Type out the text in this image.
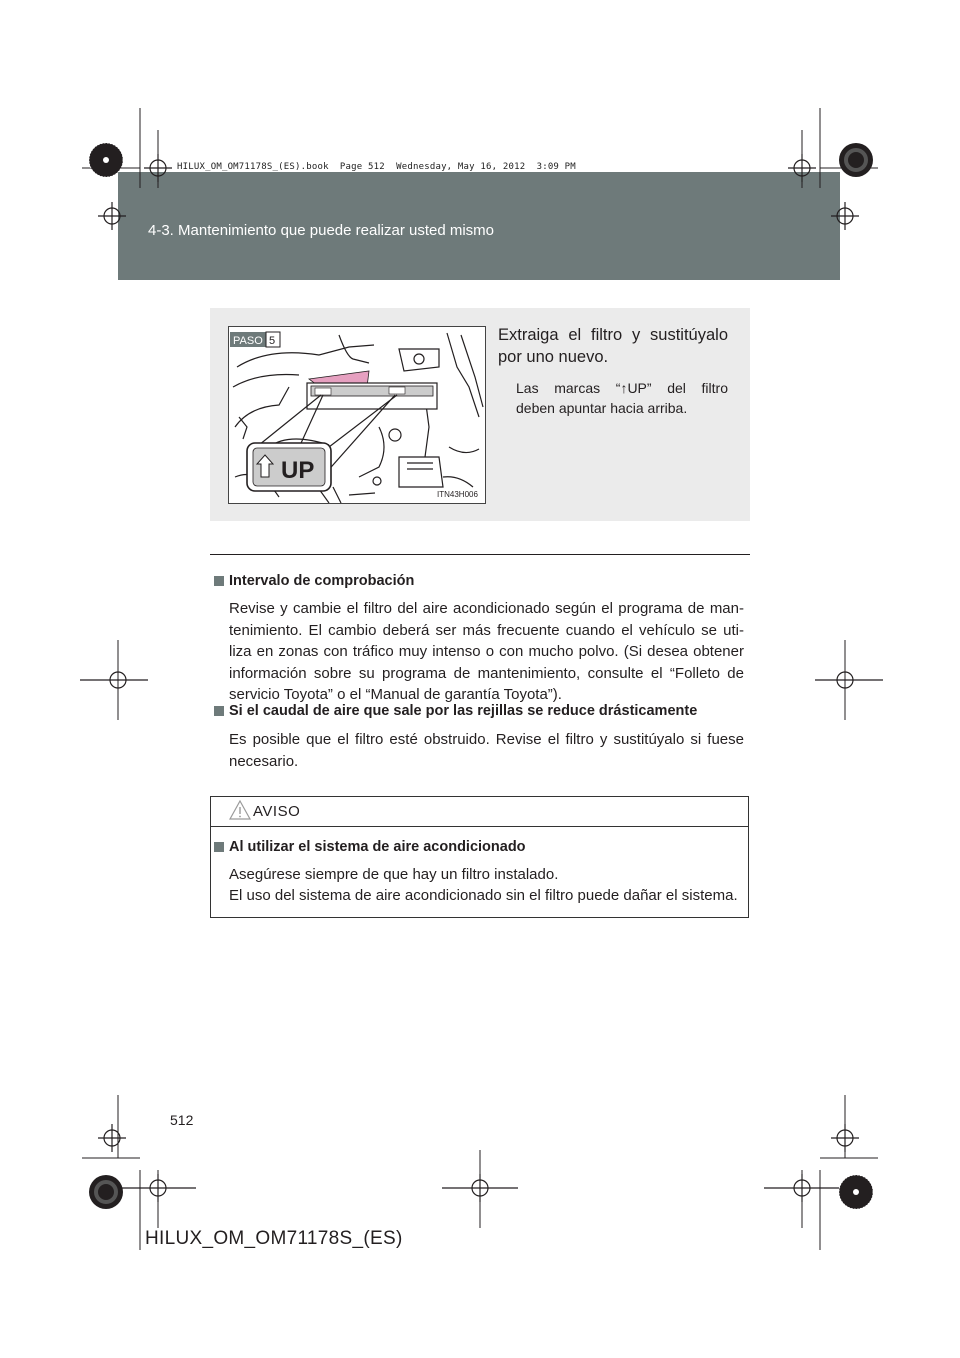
HILUX_OM_OM71178S_(ES).book  Page 512  Wednesday, May 16, 2012  3:09 PM
4-3. Mantenimiento que puede realizar usted mismo
PASO 5
UP
ITN43H006
Extraiga el filtro y sustitúyalo
por uno nuevo.
Las marcas “↑UP” del filtro
deben apuntar hacia arriba.
Intervalo de comprobación
Revise y cambie el filtro del aire acondicionado según el programa de man-
tenimiento. El cambio deberá ser más frecuente cuando el vehículo se uti-
liza en zonas con tráfico muy intenso o con mucho polvo. (Si desea obtener
información sobre su programa de mantenimiento, consulte el “Folleto de
servicio Toyota” o el “Manual de garantía Toyota”).
Si el caudal de aire que sale por las rejillas se reduce drásticamente
Es posible que el filtro esté obstruido. Revise el filtro y sustitúyalo si fuese
necesario.
AVISO
Al utilizar el sistema de aire acondicionado
Asegúrese siempre de que hay un filtro instalado.
El uso del sistema de aire acondicionado sin el filtro puede dañar el sistema.
512
HILUX_OM_OM71178S_(ES)
